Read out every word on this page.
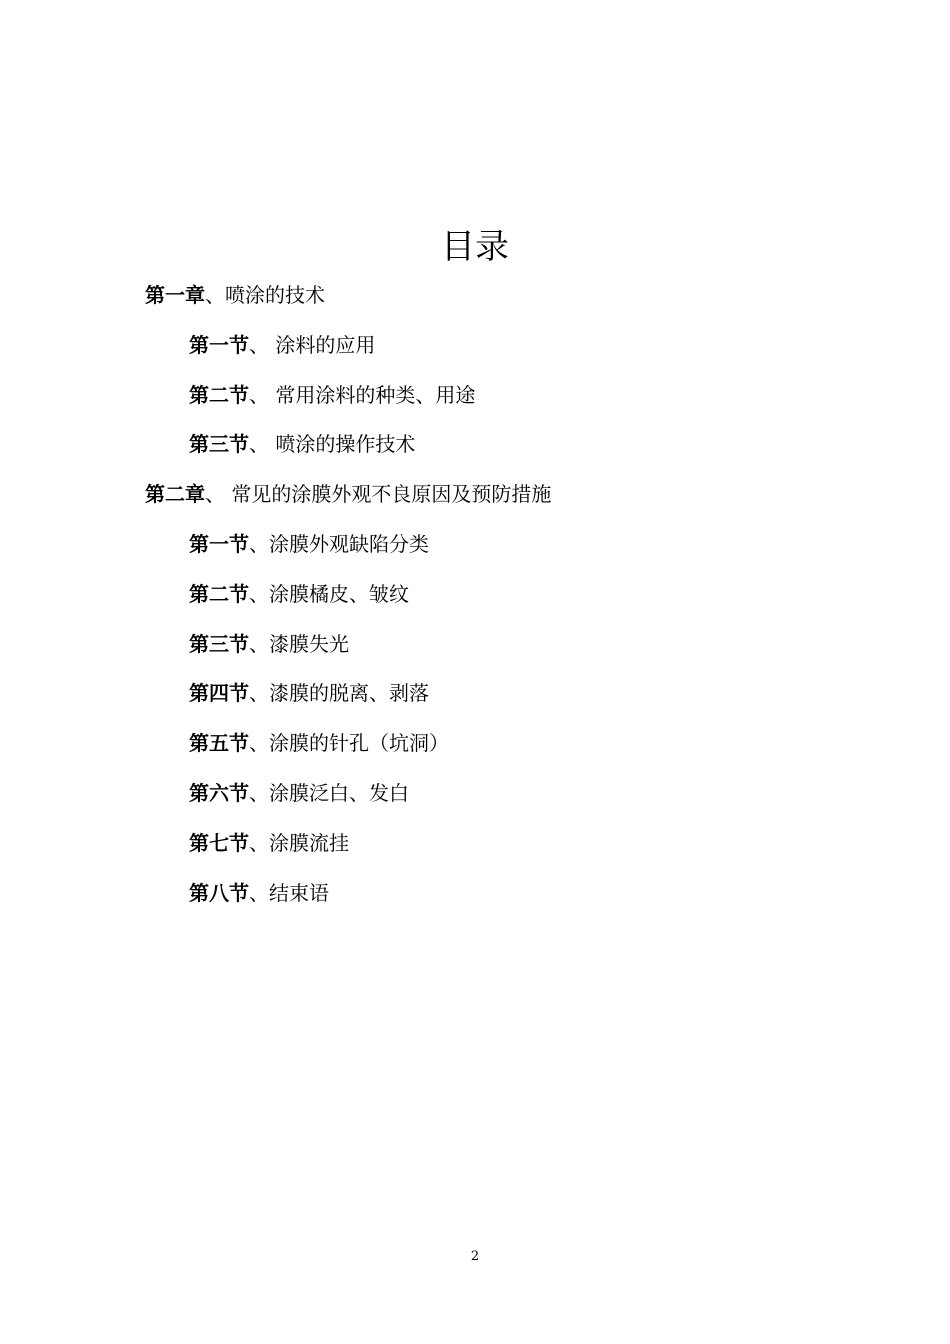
目录
第一章、喷涂的技术
第一节、 涂料的应用
第二节、 常用涂料的种类、用途
第三节、 喷涂的操作技术
第二章、 常见的涂膜外观不良原因及预防措施
第一节、涂膜外观缺陷分类
第二节、涂膜橘皮、皱纹
第三节、漆膜失光
第四节、漆膜的脱离、剥落
第五节、涂膜的针孔（坑洞）
第六节、涂膜泛白、发白
第七节、涂膜流挂
第八节、结束语
2
